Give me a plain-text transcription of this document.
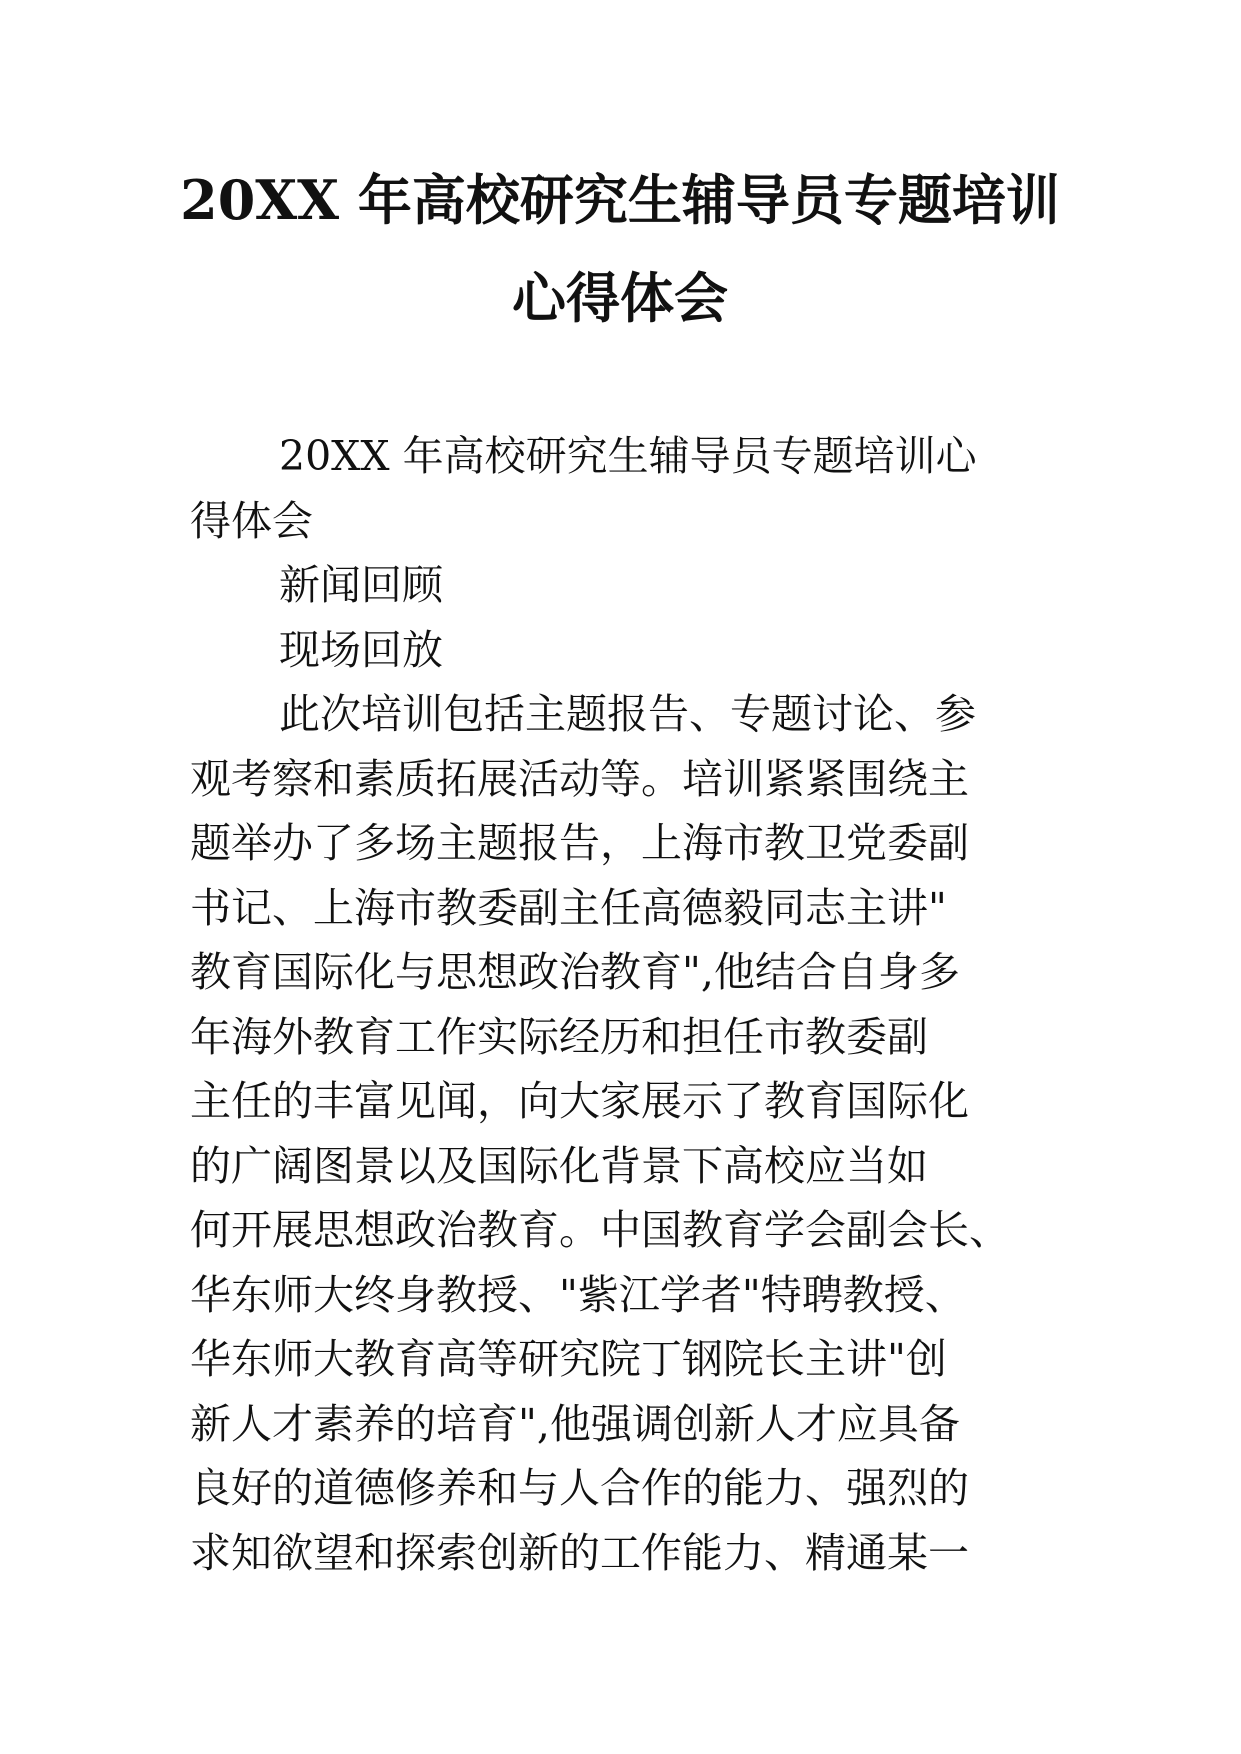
20XX 年高校研究生辅导员专题培训
心得体会
20XX 年高校研究生辅导员专题培训心
得体会
新闻回顾
现场回放
此次培训包括主题报告、专题讨论、参
观考察和素质拓展活动等。培训紧紧围绕主
题举办了多场主题报告，上海市教卫党委副
书记、上海市教委副主任高德毅同志主讲"
教育国际化与思想政治教育",他结合自身多
年海外教育工作实际经历和担任市教委副
主任的丰富见闻，向大家展示了教育国际化
的广阔图景以及国际化背景下高校应当如
何开展思想政治教育。中国教育学会副会长、
华东师大终身教授、"紫江学者"特聘教授、
华东师大教育高等研究院丁钢院长主讲"创
新人才素养的培育",他强调创新人才应具备
良好的道德修养和与人合作的能力、强烈的
求知欲望和探索创新的工作能力、精通某一
